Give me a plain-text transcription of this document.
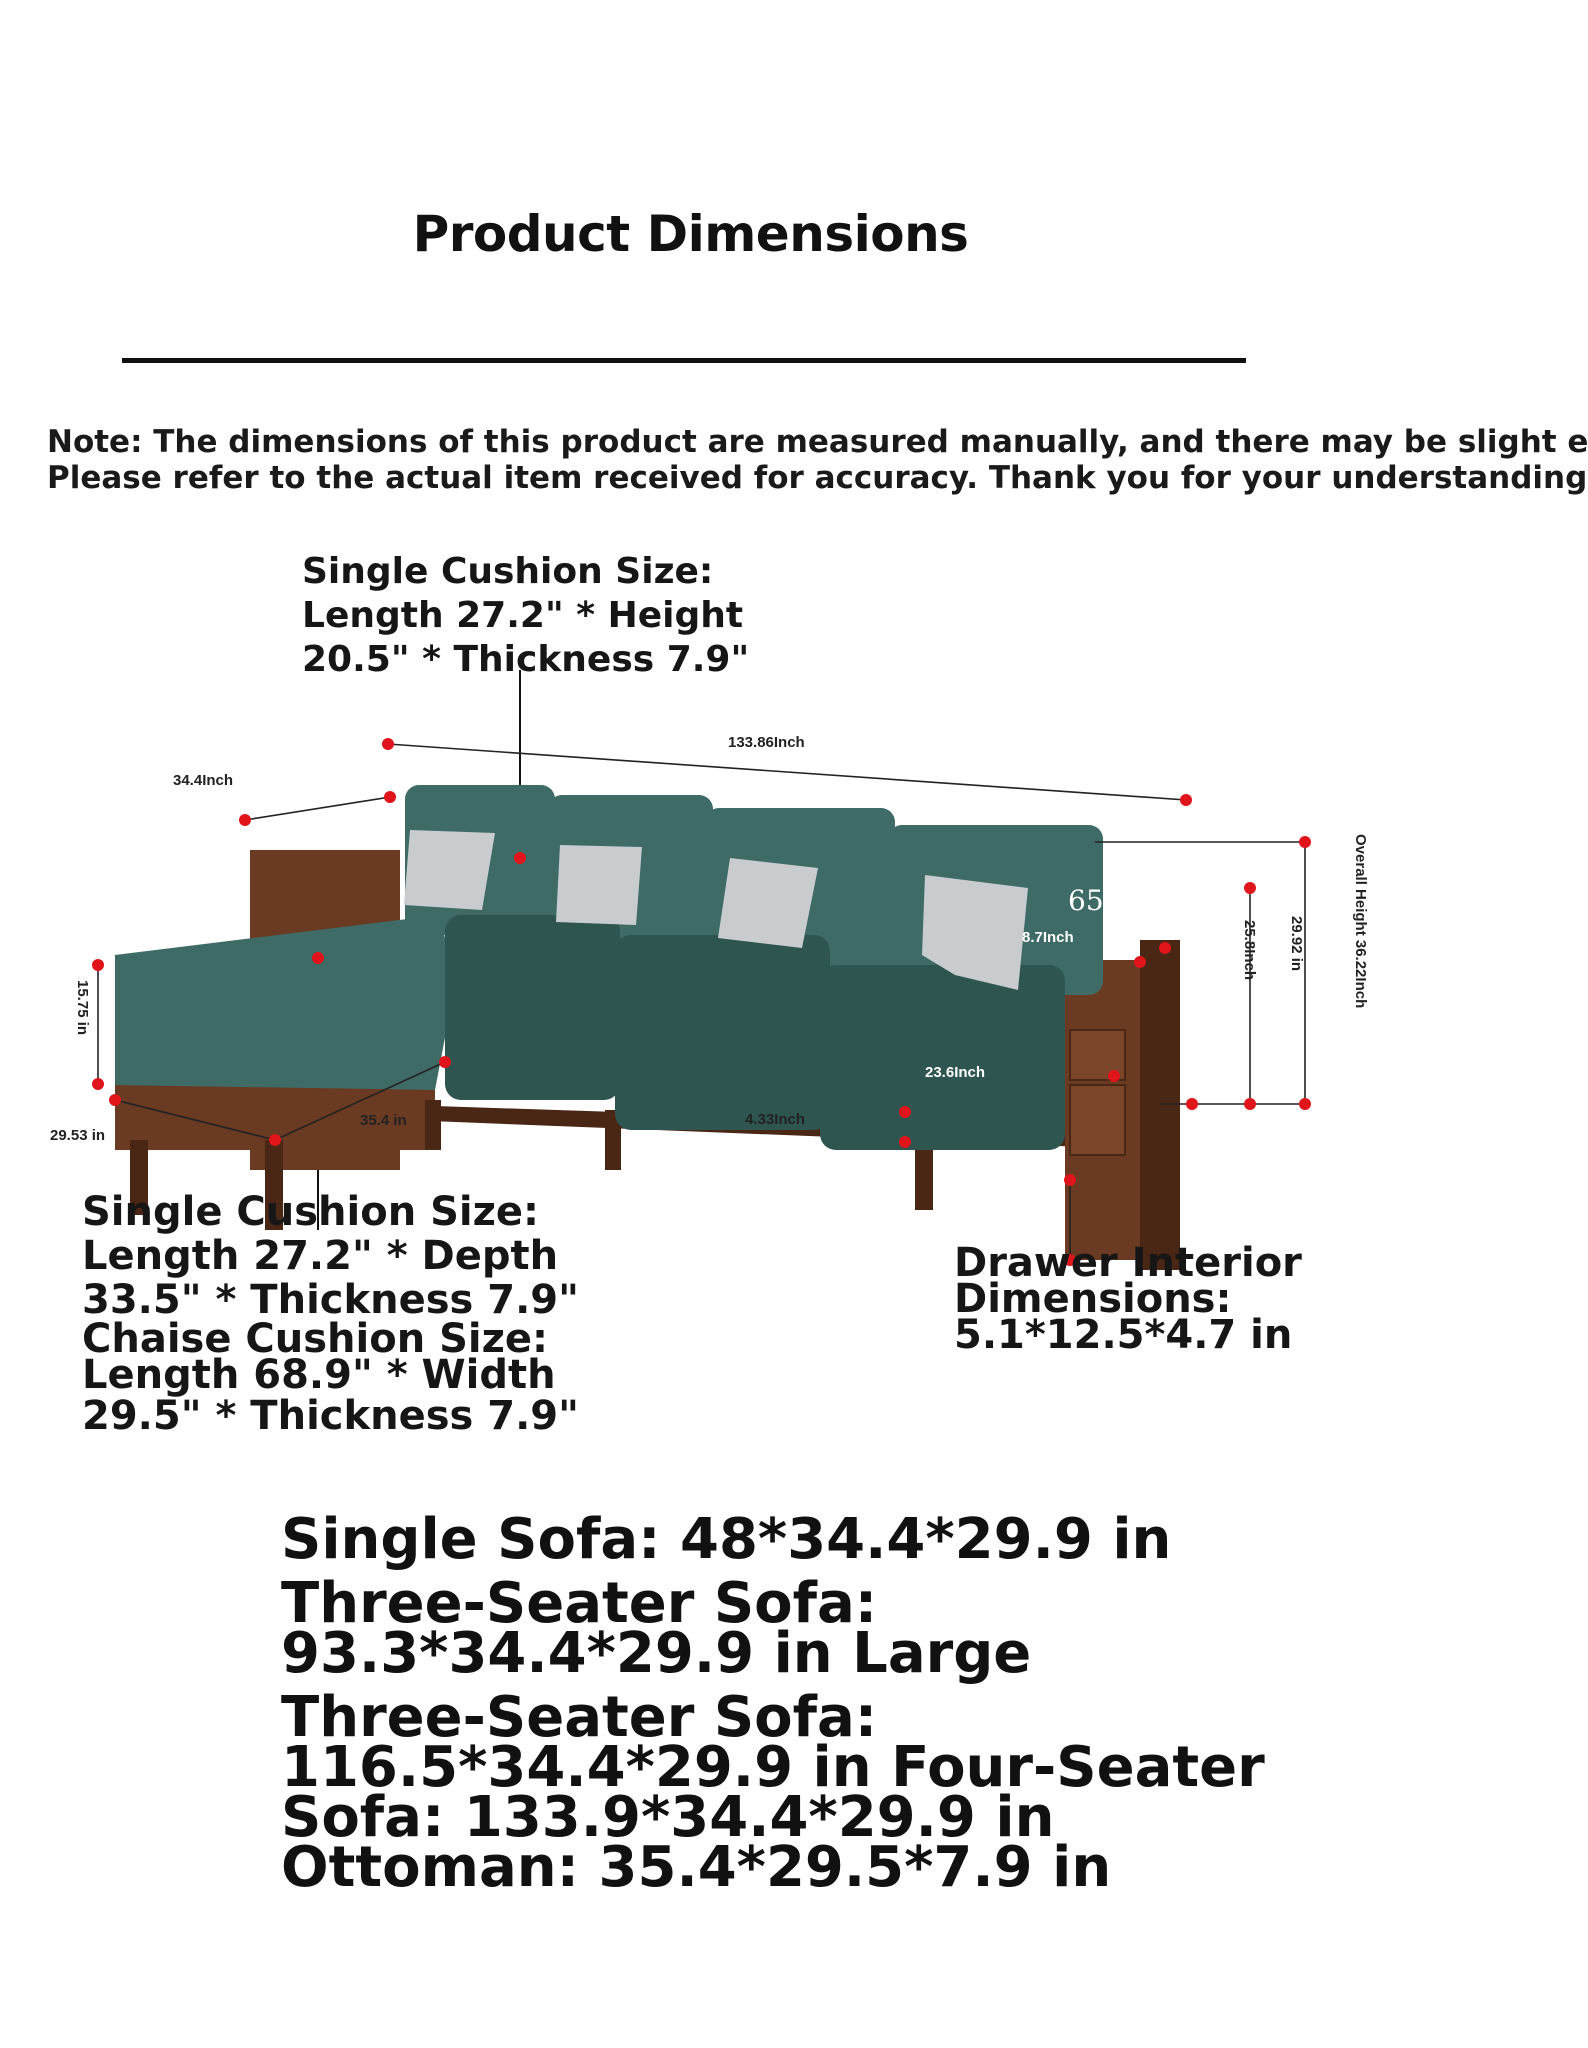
Product Dimensions
Note: The dimensions of this product are measured manually, and there may be slight e
Please refer to the actual item received for accuracy. Thank you for your understanding
Single Cushion Size:
Length 27.2" * Height
20.5" * Thickness 7.9"
133.86Inch
34.4Inch
15.75 in
29.53 in
35.4 in	4.33Inch
23.6Inch
8.7Inch
65mm
25.8Inch 29.92 in	Overall Height 36.22Inch
Single Cushion Size:
Length 27.2" * Depth
33.5" * Thickness 7.9"
Chaise Cushion Size:
Length 68.9" * Width
29.5" * Thickness 7.9"
Drawer Interior
Dimensions:
5.1*12.5*4.7 in
Single Sofa: 48*34.4*29.9 in
Three-Seater Sofa:
93.3*34.4*29.9 in Large
Three-Seater Sofa:
116.5*34.4*29.9 in Four-Seater
Sofa: 133.9*34.4*29.9 in
Ottoman: 35.4*29.5*7.9 in
